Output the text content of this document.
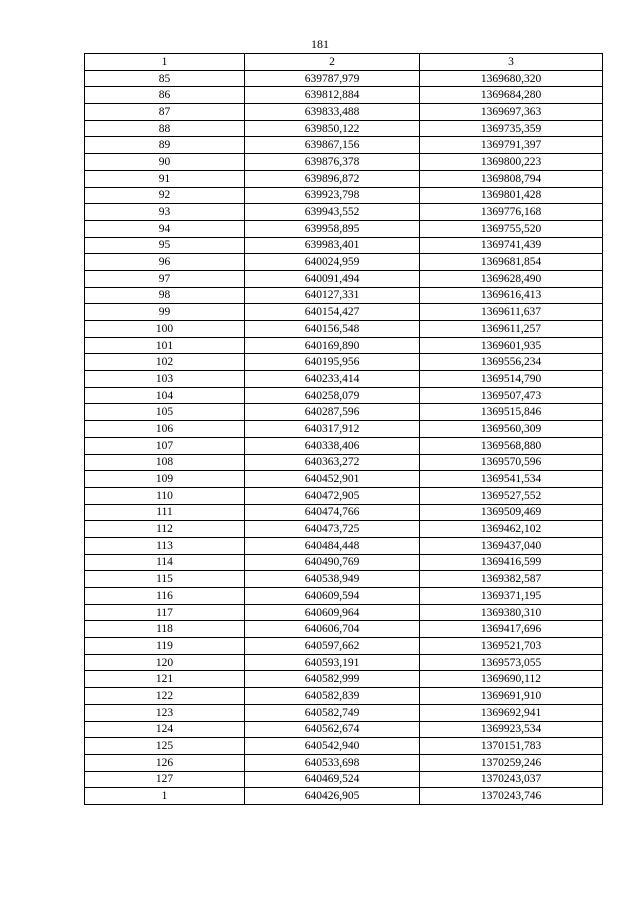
181
1	2	3
85	639787,979	1369680,320
86	639812,884	1369684,280
87	639833,488	1369697,363
88	639850,122	1369735,359
89	639867,156	1369791,397
90	639876,378	1369800,223
91	639896,872	1369808,794
92	639923,798	1369801,428
93	639943,552	1369776,168
94	639958,895	1369755,520
95	639983,401	1369741,439
96	640024,959	1369681,854
97	640091,494	1369628,490
98	640127,331	1369616,413
99	640154,427	1369611,637
100	640156,548	1369611,257
101	640169,890	1369601,935
102	640195,956	1369556,234
103	640233,414	1369514,790
104	640258,079	1369507,473
105	640287,596	1369515,846
106	640317,912	1369560,309
107	640338,406	1369568,880
108	640363,272	1369570,596
109	640452,901	1369541,534
110	640472,905	1369527,552
111	640474,766	1369509,469
112	640473,725	1369462,102
113	640484,448	1369437,040
114	640490,769	1369416,599
115	640538,949	1369382,587
116	640609,594	1369371,195
117	640609,964	1369380,310
118	640606,704	1369417,696
119	640597,662	1369521,703
120	640593,191	1369573,055
121	640582,999	1369690,112
122	640582,839	1369691,910
123	640582,749	1369692,941
124	640562,674	1369923,534
125	640542,940	1370151,783
126	640533,698	1370259,246
127	640469,524	1370243,037
1	640426,905	1370243,746
